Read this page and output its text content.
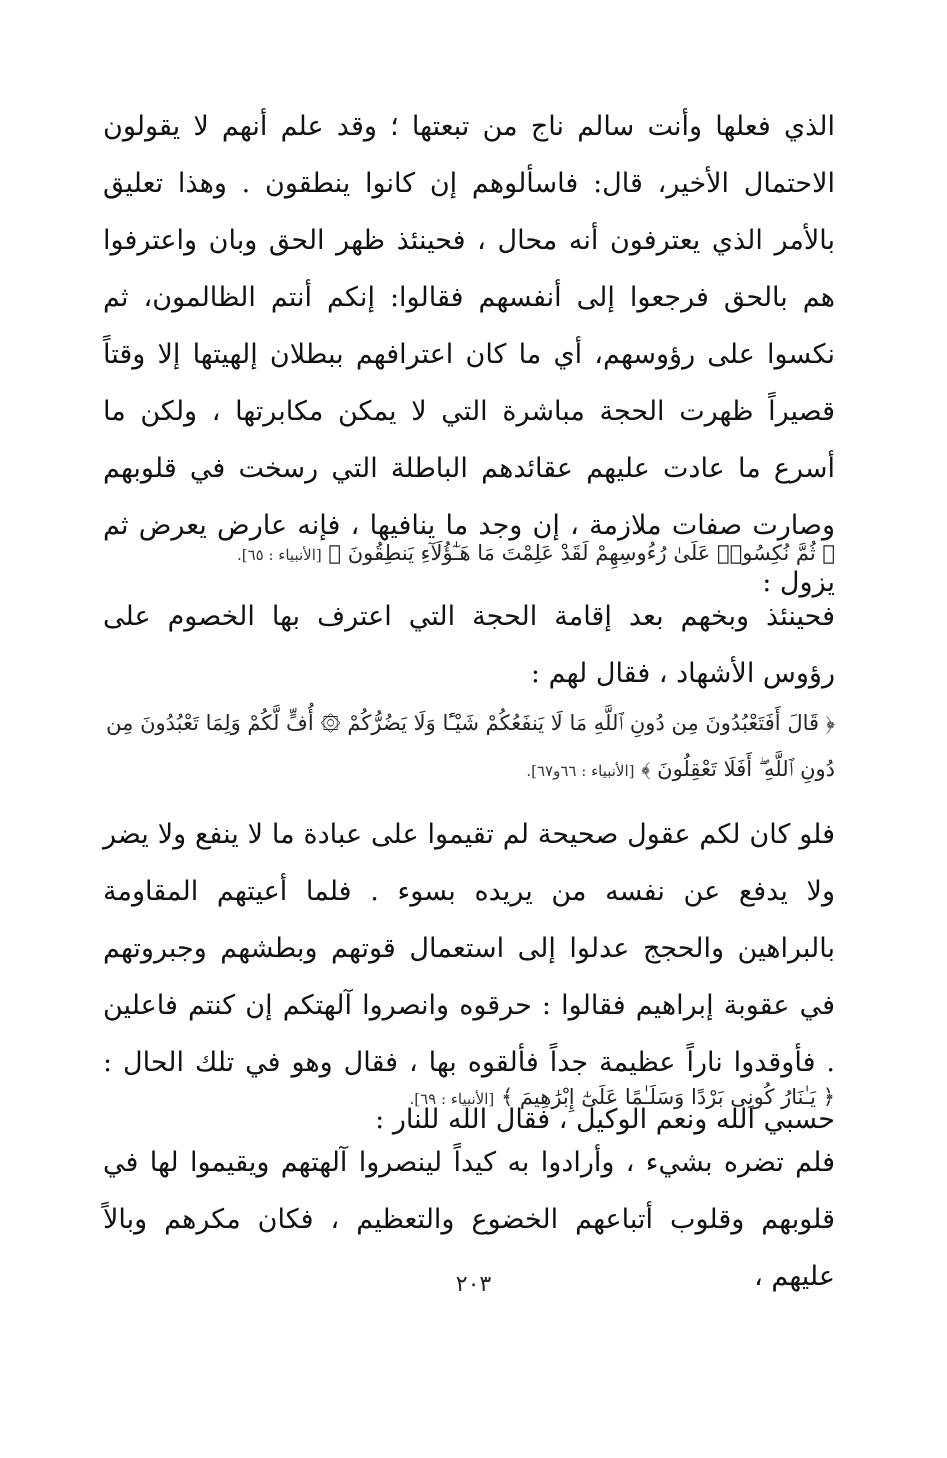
الذي فعلها وأنت سالم ناج من تبعتها ؛ وقد علم أنهم لا يقولون الاحتمال الأخير، قال: فاسألوهم إن كانوا ينطقون . وهذا تعليق بالأمر الذي يعترفون أنه محال ، فحينئذ ظهر الحق وبان واعترفوا هم بالحق فرجعوا إلى أنفسهم فقالوا: إنكم أنتم الظالمون، ثم نكسوا على رؤوسهم، أي ما كان اعترافهم ببطلان إلهيتها إلا وقتاً قصيراً ظهرت الحجة مباشرة التي لا يمكن مكابرتها ، ولكن ما أسرع ما عادت عليهم عقائدهم الباطلة التي رسخت في قلوبهم وصارت صفات ملازمة ، إن وجد ما ينافيها ، فإنه عارض يعرض ثم يزول :

﴿ ثُمَّ نُكِسُوا۟ عَلَىٰ رُءُوسِهِمْ لَقَدْ عَلِمْتَ مَا هَـٰٓؤُلَآءِ يَنطِقُونَ ﴾ [الأنبياء : ٦٥].

فحينئذ وبخهم بعد إقامة الحجة التي اعترف بها الخصوم على رؤوس الأشهاد ، فقال لهم :

﴿ قَالَ أَفَتَعْبُدُونَ مِن دُونِ ٱللَّهِ مَا لَا يَنفَعُكُمْ شَيْـًٔا وَلَا يَضُرُّكُمْ ۞ أُفٍّ لَّكُمْ وَلِمَا تَعْبُدُونَ مِن دُونِ ٱللَّهِ ۖ أَفَلَا تَعْقِلُونَ ﴾ [الأنبياء : ٦٦و٦٧].

فلو كان لكم عقول صحيحة لم تقيموا على عبادة ما لا ينفع ولا يضر ولا يدفع عن نفسه من يريده بسوء . فلما أعيتهم المقاومة بالبراهين والحجج عدلوا إلى استعمال قوتهم وبطشهم وجبروتهم في عقوبة إبراهيم فقالوا : حرقوه وانصروا آلهتكم إن كنتم فاعلين . فأوقدوا ناراً عظيمة جداً فألقوه بها ، فقال وهو في تلك الحال : حسبي الله ونعم الوكيل ، فقال الله للنار :

﴿ يَـٰنَارُ كُونِى بَرْدًا وَسَلَـٰمًا عَلَىٰٓ إِبْرَٰهِيمَ ﴾ [الأنبياء : ٦٩].

فلم تضره بشيء ، وأرادوا به كيداً لينصروا آلهتهم ويقيموا لها في قلوبهم وقلوب أتباعهم الخضوع والتعظيم ، فكان مكرهم وبالاً عليهم ،

٢٠٣
